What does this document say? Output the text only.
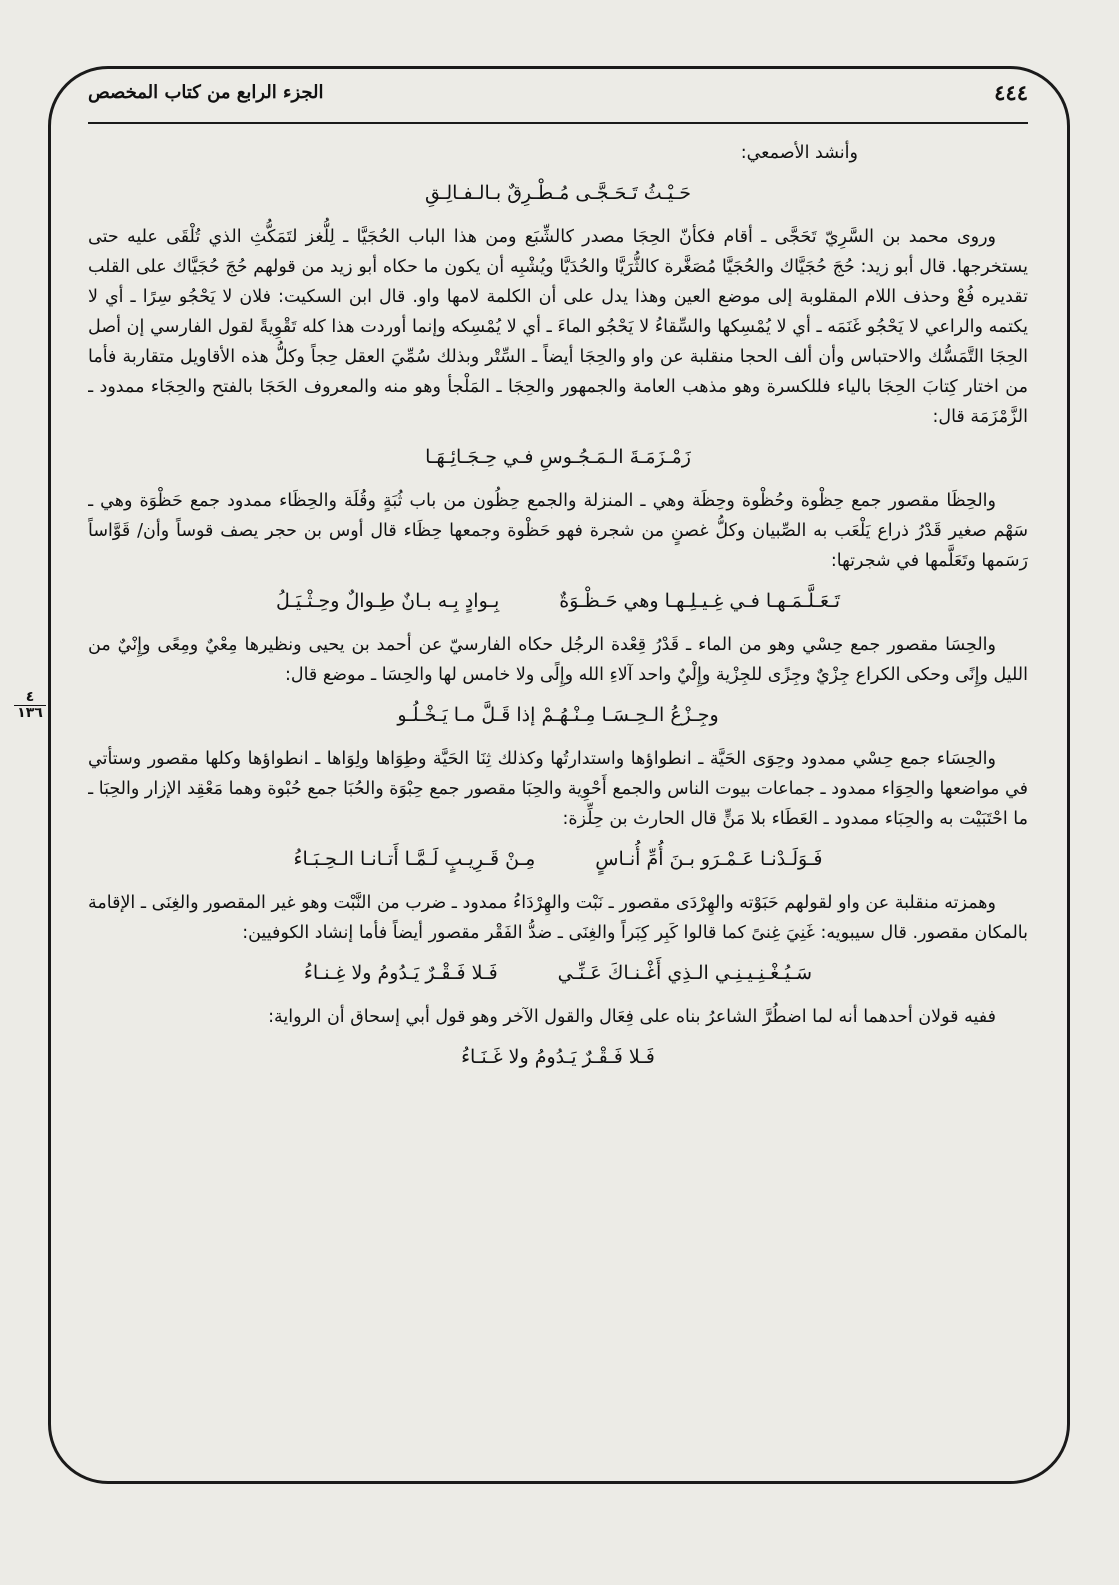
٤٤٤
الجزء الرابع من كتاب المخصص
٤
١٣٦

وأنشد الأصمعي:

حَـيْـثُ تَـحَـجَّـى مُـطْـرِقٌ بـالـفـالِـقِ

وروى محمد بن السَّرِيّ تَحَجَّى ـ أقام فكأنّ الحِجَا مصدر كالشِّبَع ومن هذا الباب الحُجَيَّا ـ لِلُّغز لتَمَكُّثِ الذي تُلْقَى عليه حتى يستخرجها. قال أبو زيد: حُجَ حُجَيَّاك والحُجَيَّا مُصَغَّرة كالثُّرَيَّا والحُدَيَّا ويُشْبِه أن يكون ما حكاه أبو زيد من قولهم حُجَ حُجَيَّاك على القلب تقديره فُعْ وحذف اللام المقلوبة إلى موضع العين وهذا يدل على أن الكلمة لامها واو. قال ابن السكيت: فلان لا يَحْجُو سِرًا ـ أي لا يكتمه والراعي لا يَحْجُو غَنَمَه ـ أي لا يُمْسِكها والسِّقاءُ لا يَحْجُو الماءَ ـ أي لا يُمْسِكه وإنما أوردت هذا كله تَقْوِيةً لقول الفارسي إن أصل الحِجَا التَّمَسُّك والاحتباس وأن ألف الحجا منقلبة عن واو والحِجَا أيضاً ـ السِّتْر وبذلك سُمِّيَ العقل حِجاً وكلُّ هذه الأقاويل متقاربة فأما من اختار كِتابَ الحِجَا بالياء فللكسرة وهو مذهب العامة والجمهور والحِجَا ـ المَلْجأ وهو منه والمعروف الحَجَا بالفتح والحِجَاء ممدود ـ الزَّمْزَمَة قال:

زَمْـزَمَـةَ الـمَـجُـوسِ فـي حِـجَـائِـهَـا

والحِظَا مقصور جمع حِظْوة وحُظْوة وحِظَة وهي ـ المنزلة والجمع حِظُون من باب ثُبَةٍ وقُلَة والحِظَاء ممدود جمع حَظْوَة وهي ـ سَهْم صغير قَدْرُ ذراع يَلْعَب به الصِّبيان وكلُّ غصنٍ من شجرة فهو حَظْوة وجمعها حِظَاء قال أوس بن حجر يصف قوساً وأن/ قَوَّاساً رَسَمها وتَعَلَّمها في شجرتها:

تَـعَـلَّـمَـهـا فـي غِـيـلِـهـا وهي حَـظْـوَةٌ
بِـوادٍ بِـه بـانٌ طِـوالٌ وحِـثْـيَـلُ

والحِسَا مقصور جمع حِسْي وهو من الماء ـ قَدْرُ قِعْدة الرجُل حكاه الفارسيّ عن أحمد بن يحيى ونظيرها مِعْيٌ ومِعًى وإِنْيٌ من الليل وإِنًى وحكى الكراع جِزْيٌ وجِزًى للجِزْية وإِلْيٌ واحد آلاءِ الله وإِلًى ولا خامس لها والحِسَا ـ موضع قال:

وجِـزْعُ الـحِـسَـا مِـنْـهُـمْ إذا قَـلَّ مـا يَـخْـلُـو

والحِسَاء جمع حِسْي ممدود وحِوَى الحَيَّة ـ انطواؤها واستدارتُها وكذلك ثِنَا الحَيَّة وطِوَاها ولِوَاها ـ انطواؤها وكلها مقصور وستأتي في مواضعها والحِوَاء ممدود ـ جماعات بيوت الناس والجمع أَحْوِية والحِبَا مقصور جمع حِبْوَة والحُبَا جمع حُبْوة وهما مَعْقِد الإزار والحِبَا ـ ما احْتَبَيْت به والحِبَاء ممدود ـ العَطَاء بلا مَنٍّ قال الحارث بن حِلِّزة:

فَـوَلَـدْنـا عَـمْـرَو بـنَ أُمِّ أُنـاسٍ
مِـنْ قَـرِيـبٍ لَـمَّـا أَتـانـا الـحِـبَـاءُ

وهمزته منقلبة عن واو لقولهم حَبَوْته والهِرْدَى مقصور ـ نَبْت والهِرْدَاءُ ممدود ـ ضرب من النَّبْت وهو غير المقصور والغِنَى ـ الإقامة بالمكان مقصور. قال سيبويه: غَنِيَ غِنىً كما قالوا كَبِر كِبَراً والغِنَى ـ ضدُّ الفَقْر مقصور أيضاً فأما إنشاد الكوفيين:

سَـيُـغْـنِـيـنِـي الـذِي أَغْـنـاكَ عَـنِّـي
فَـلا فَـقْـرٌ يَـدُومُ ولا غِـنـاءُ

ففيه قولان أحدهما أنه لما اضطُرَّ الشاعرُ بناه على فِعَال والقول الآخر وهو قول أبي إسحاق أن الرواية:

فَـلا فَـقْـرٌ يَـدُومُ ولا غَـنَـاءُ
